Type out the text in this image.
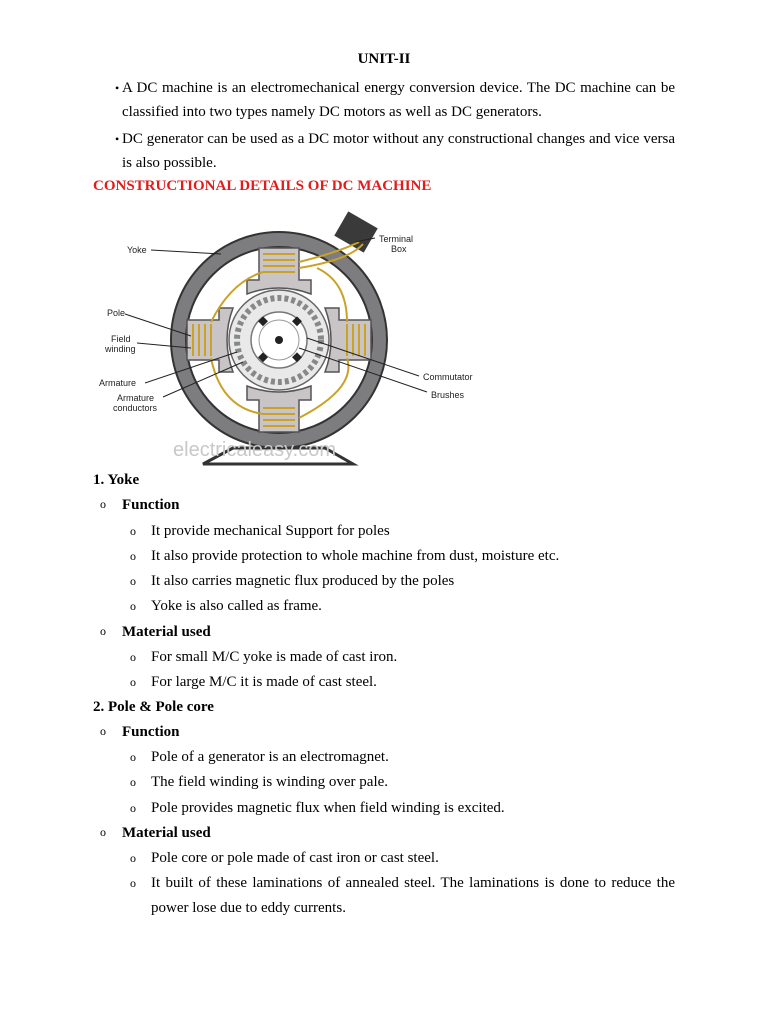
UNIT-II
• A DC machine is an electromechanical energy conversion device. The DC machine can be classified into two types namely DC motors as well as DC generators.
• DC generator can be used as a DC motor without any constructional changes and vice versa is also possible.
CONSTRUCTIONAL DETAILS OF DC MACHINE
Yoke
Terminal
Box
Pole
Field
winding
Armature
Armature
conductors
Commutator
Brushes
electricaleasy.com
1. Yoke
o Function
o It provide mechanical Support for poles
o It also provide protection to whole machine from dust, moisture etc.
o It also carries magnetic flux produced by the poles
o Yoke is also called as frame.
o Material used
o For small M/C yoke is made of cast iron.
o For large M/C it is made of cast steel.
2. Pole & Pole core
o Function
o Pole of a generator is an electromagnet.
o The field winding is winding over pale.
o Pole provides magnetic flux when field winding is excited.
o Material used
o Pole core or pole made of cast iron or cast steel.
o It built of these laminations of annealed steel. The laminations is done to reduce the power lose due to eddy currents.
